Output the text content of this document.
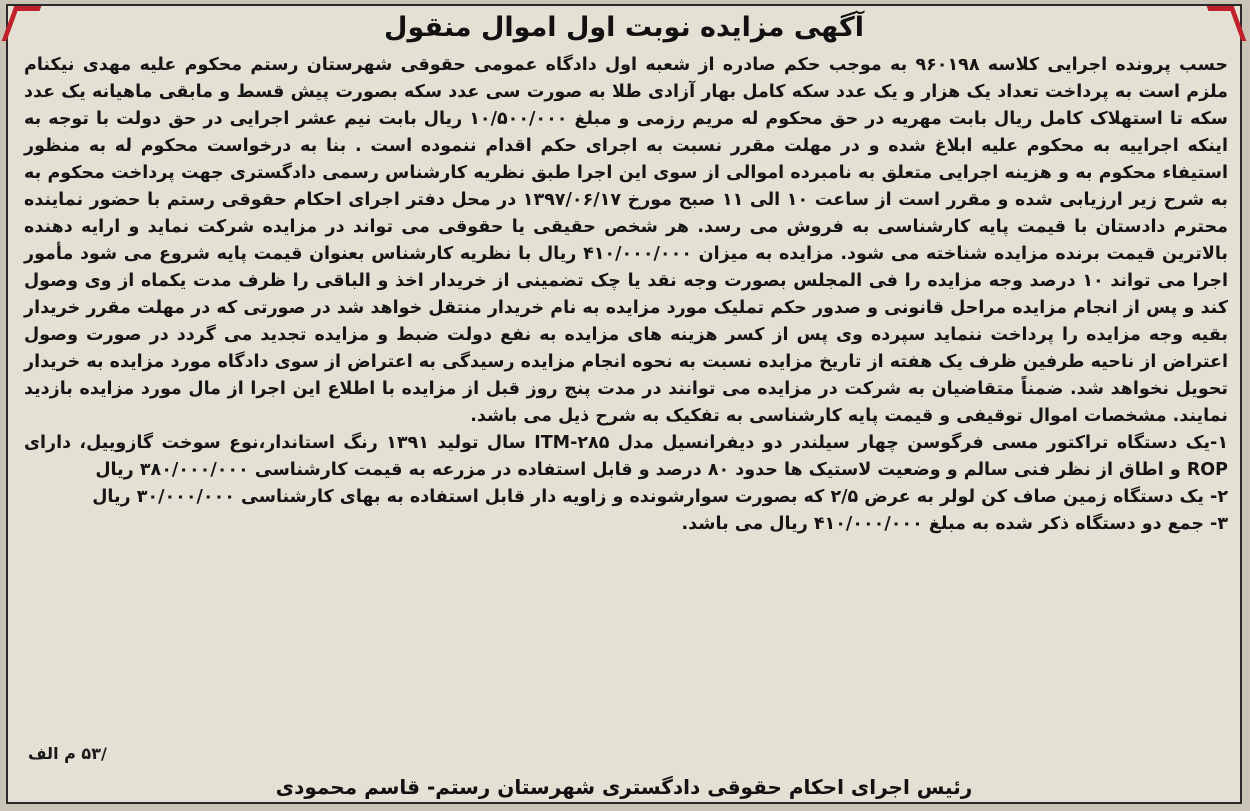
آگهی مزایده نوبت اول اموال منقول

حسب پرونده اجرایی کلاسه ۹۶۰۱۹۸ به موجب حکم صادره از شعبه اول دادگاه عمومی حقوقی شهرستان رستم محکوم علیه مهدی نیکنام ملزم است به پرداخت تعداد یک هزار و یک عدد سکه کامل بهار آزادی طلا به صورت سی عدد سکه بصورت پیش قسط و مابقی ماهیانه یک عدد سکه تا استهلاک کامل ریال بابت مهریه در حق محکوم له مریم رزمی و مبلغ ۱۰/۵۰۰/۰۰۰ ریال بابت نیم عشر اجرایی در حق دولت با توجه به اینکه اجراییه به محکوم علیه ابلاغ شده و در مهلت مقرر نسبت به اجرای حکم اقدام ننموده است . بنا به درخواست محکوم له به منظور استیفاء محکوم به و هزینه اجرایی متعلق به نامبرده اموالی از سوی این اجرا طبق نظریه کارشناس رسمی دادگستری جهت پرداخت محکوم به به شرح زیر ارزیابی شده و مقرر است از ساعت ۱۰ الی ۱۱ صبح مورخ ۱۳۹۷/۰۶/۱۷ در محل دفتر اجرای احکام حقوقی رستم با حضور نماینده محترم دادستان با قیمت پایه کارشناسی به فروش می رسد. هر شخص حقیقی یا حقوقی می تواند در مزایده شرکت نماید و ارایه دهنده بالاترین قیمت برنده مزایده شناخته می شود. مزایده به میزان ۴۱۰/۰۰۰/۰۰۰ ریال با نظریه کارشناس بعنوان قیمت پایه شروع می شود مأمور اجرا می تواند ۱۰ درصد وجه مزایده را فی المجلس بصورت وجه نقد یا چک تضمینی از خریدار اخذ و الباقی را ظرف مدت یکماه از وی وصول کند و پس از انجام مزایده مراحل قانونی و صدور حکم تملیک مورد مزایده به نام خریدار منتقل خواهد شد در صورتی که در مهلت مقرر خریدار بقیه وجه مزایده را پرداخت ننماید سپرده وی پس از کسر هزینه های مزایده به نفع دولت ضبط و مزایده تجدید می گردد در صورت وصول اعتراض از ناحیه طرفین ظرف یک هفته از تاریخ مزایده نسبت به نحوه انجام مزایده رسیدگی به اعتراض از سوی دادگاه مورد مزایده به خریدار تحویل نخواهد شد. ضمناً متقاضیان به شرکت در مزایده می توانند در مدت پنج روز قبل از مزایده با اطلاع این اجرا از مال مورد مزایده بازدید نمایند. مشخصات اموال توقیفی و قیمت پایه کارشناسی به تفکیک به شرح ذیل می باشد.

۱-یک دستگاه تراکتور مسی فرگوسن چهار سیلندر دو دیفرانسیل مدل ITM-۲۸۵ سال تولید ۱۳۹۱ رنگ استاندار،نوع سوخت گازوییل، دارای ROP و اطاق از نظر فنی سالم و وضعیت لاستیک ها حدود ۸۰ درصد و قابل استفاده در مزرعه به قیمت کارشناسی ۳۸۰/۰۰۰/۰۰۰ ریال

۲- یک دستگاه زمین صاف کن لولر به عرض ۲/۵ که بصورت سوارشونده و زاویه دار قابل استفاده به بهای کارشناسی ۳۰/۰۰۰/۰۰۰ ریال

۳- جمع دو دستگاه ذکر شده به مبلغ ۴۱۰/۰۰۰/۰۰۰ ریال می باشد.

/۵۳ م الف
رئیس اجرای احکام حقوقی دادگستری شهرستان رستم- قاسم محمودی
